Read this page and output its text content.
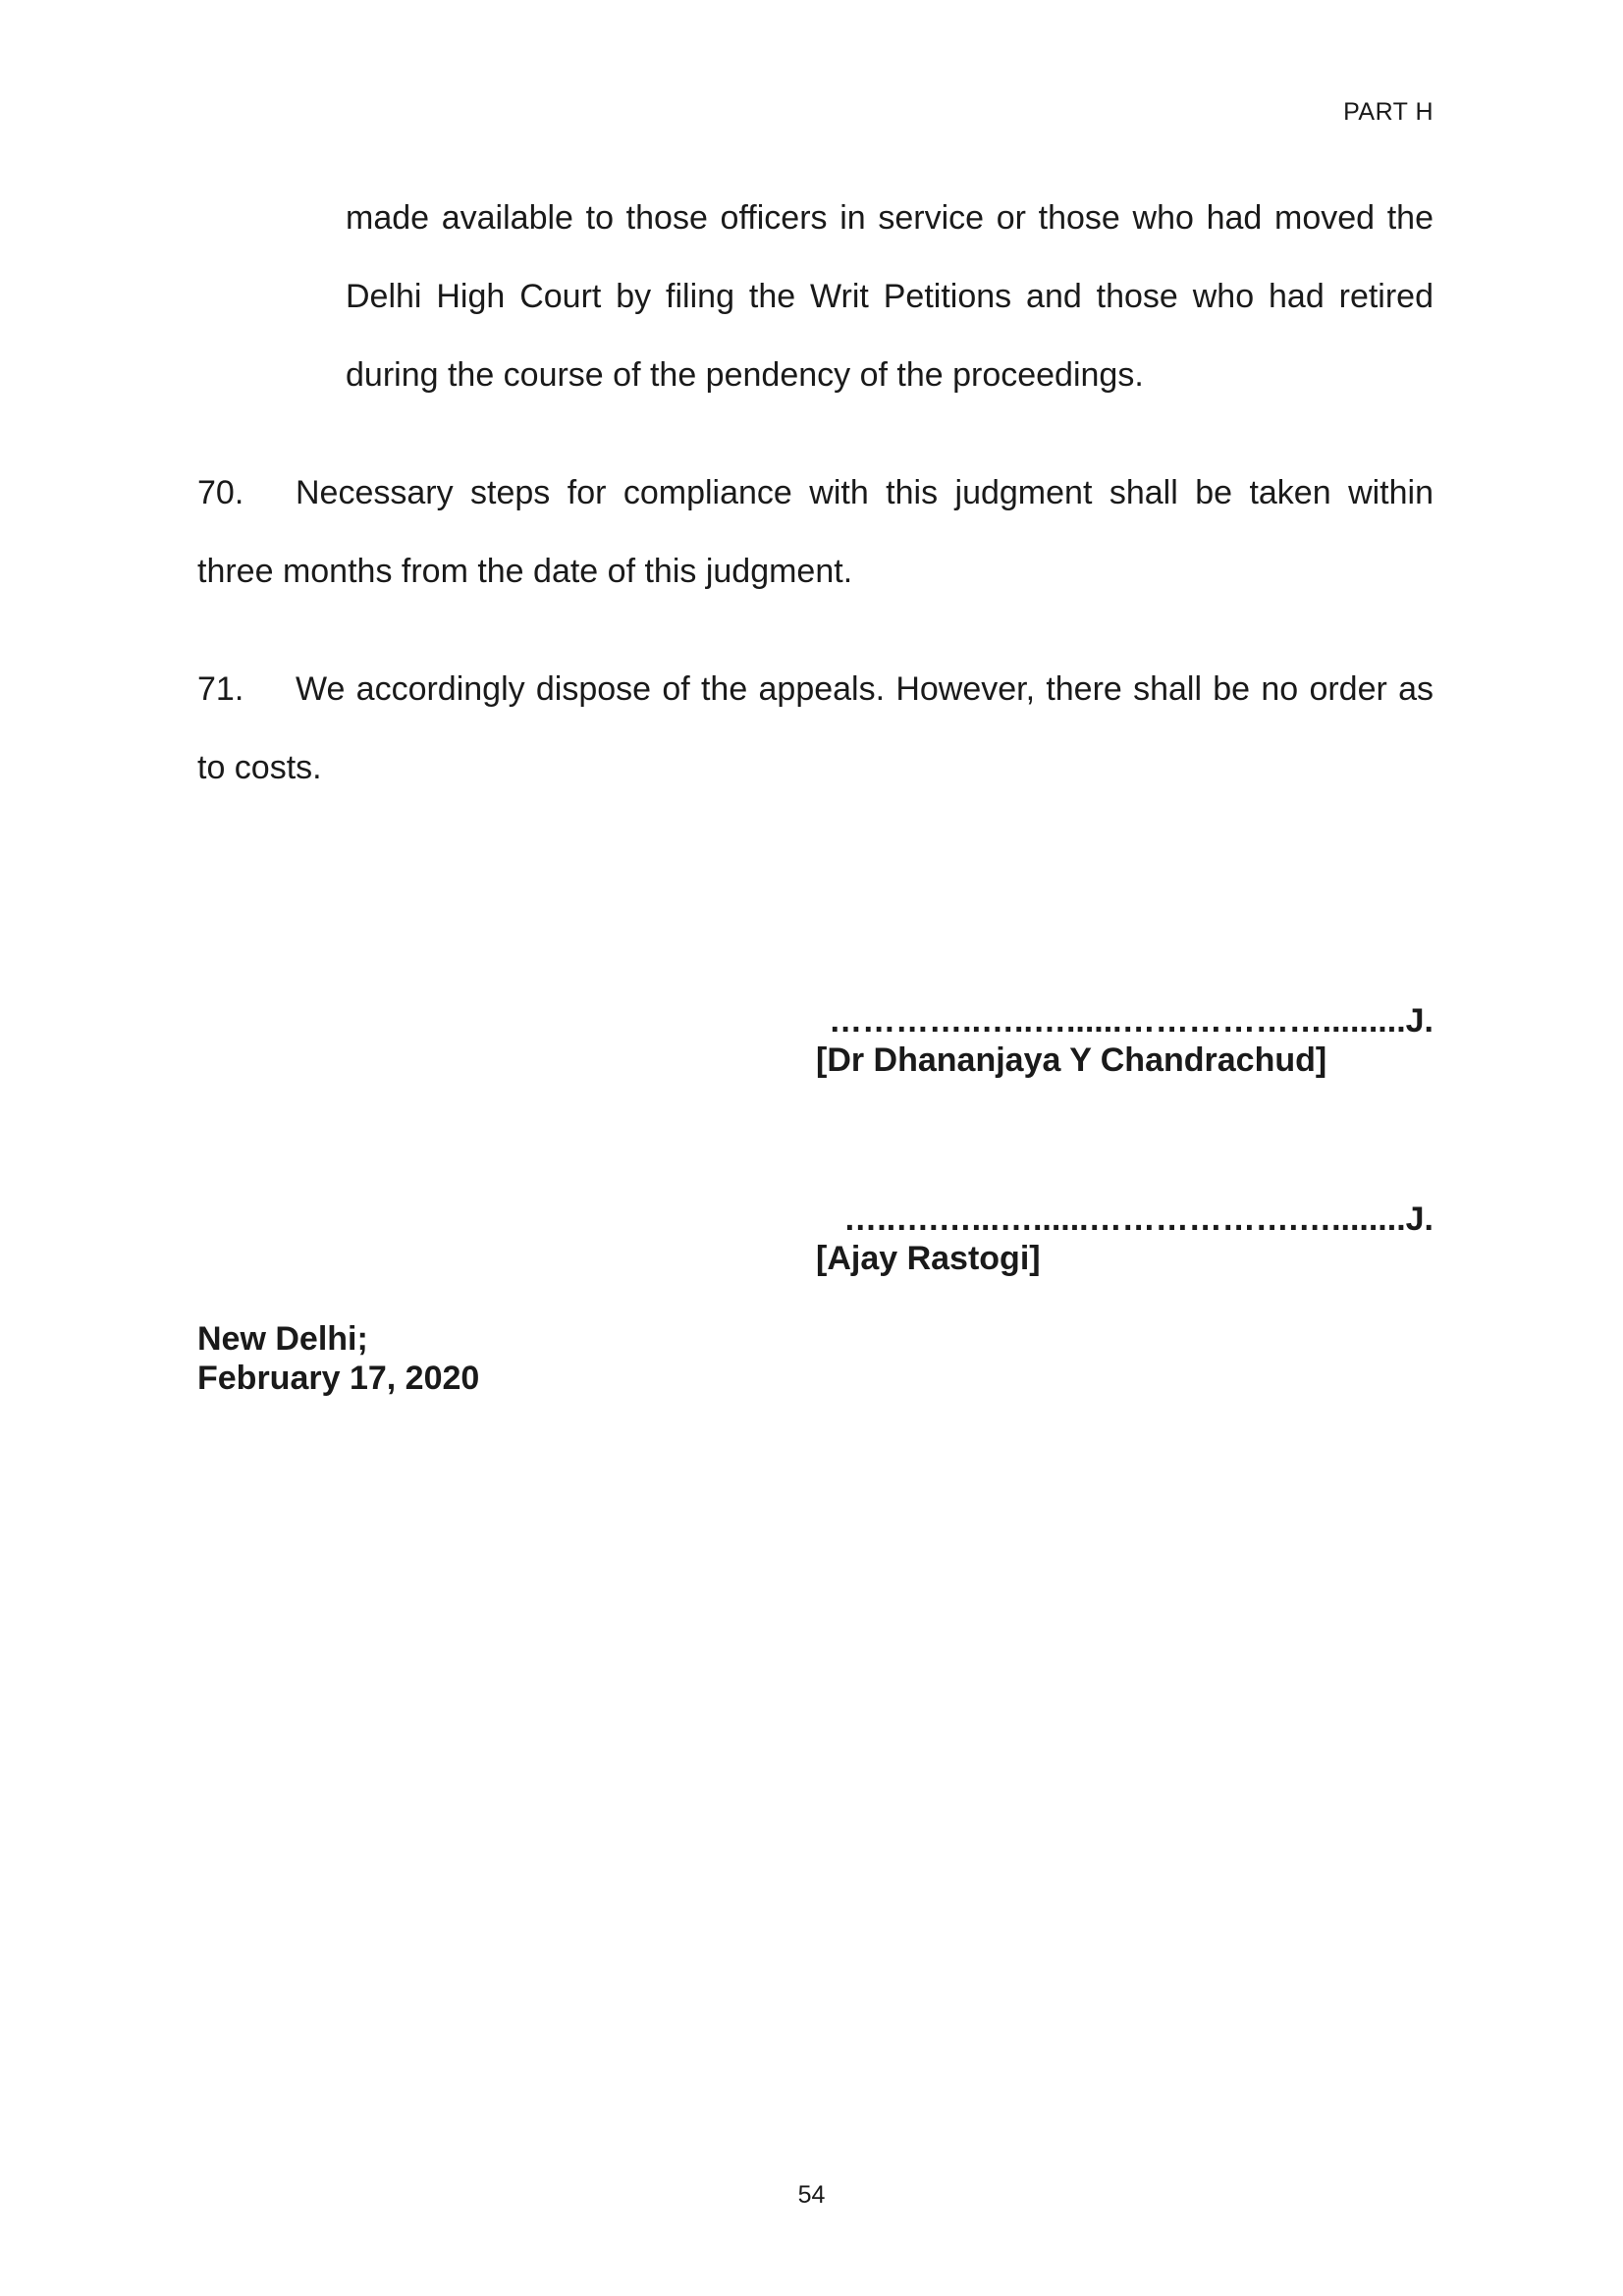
PART H
made available to those officers in service or those who had moved the Delhi High Court by filing the Writ Petitions and those who had retired during the course of the pendency of the proceedings.
70. Necessary steps for compliance with this judgment shall be taken within three months from the date of this judgment.
71. We accordingly dispose of the appeals. However, there shall be no order as to costs.
…………..…..…......……………….........J.
[Dr Dhananjaya Y Chandrachud]
…..….…...…......……………….…........J.
[Ajay Rastogi]
New Delhi;
February 17, 2020
54
